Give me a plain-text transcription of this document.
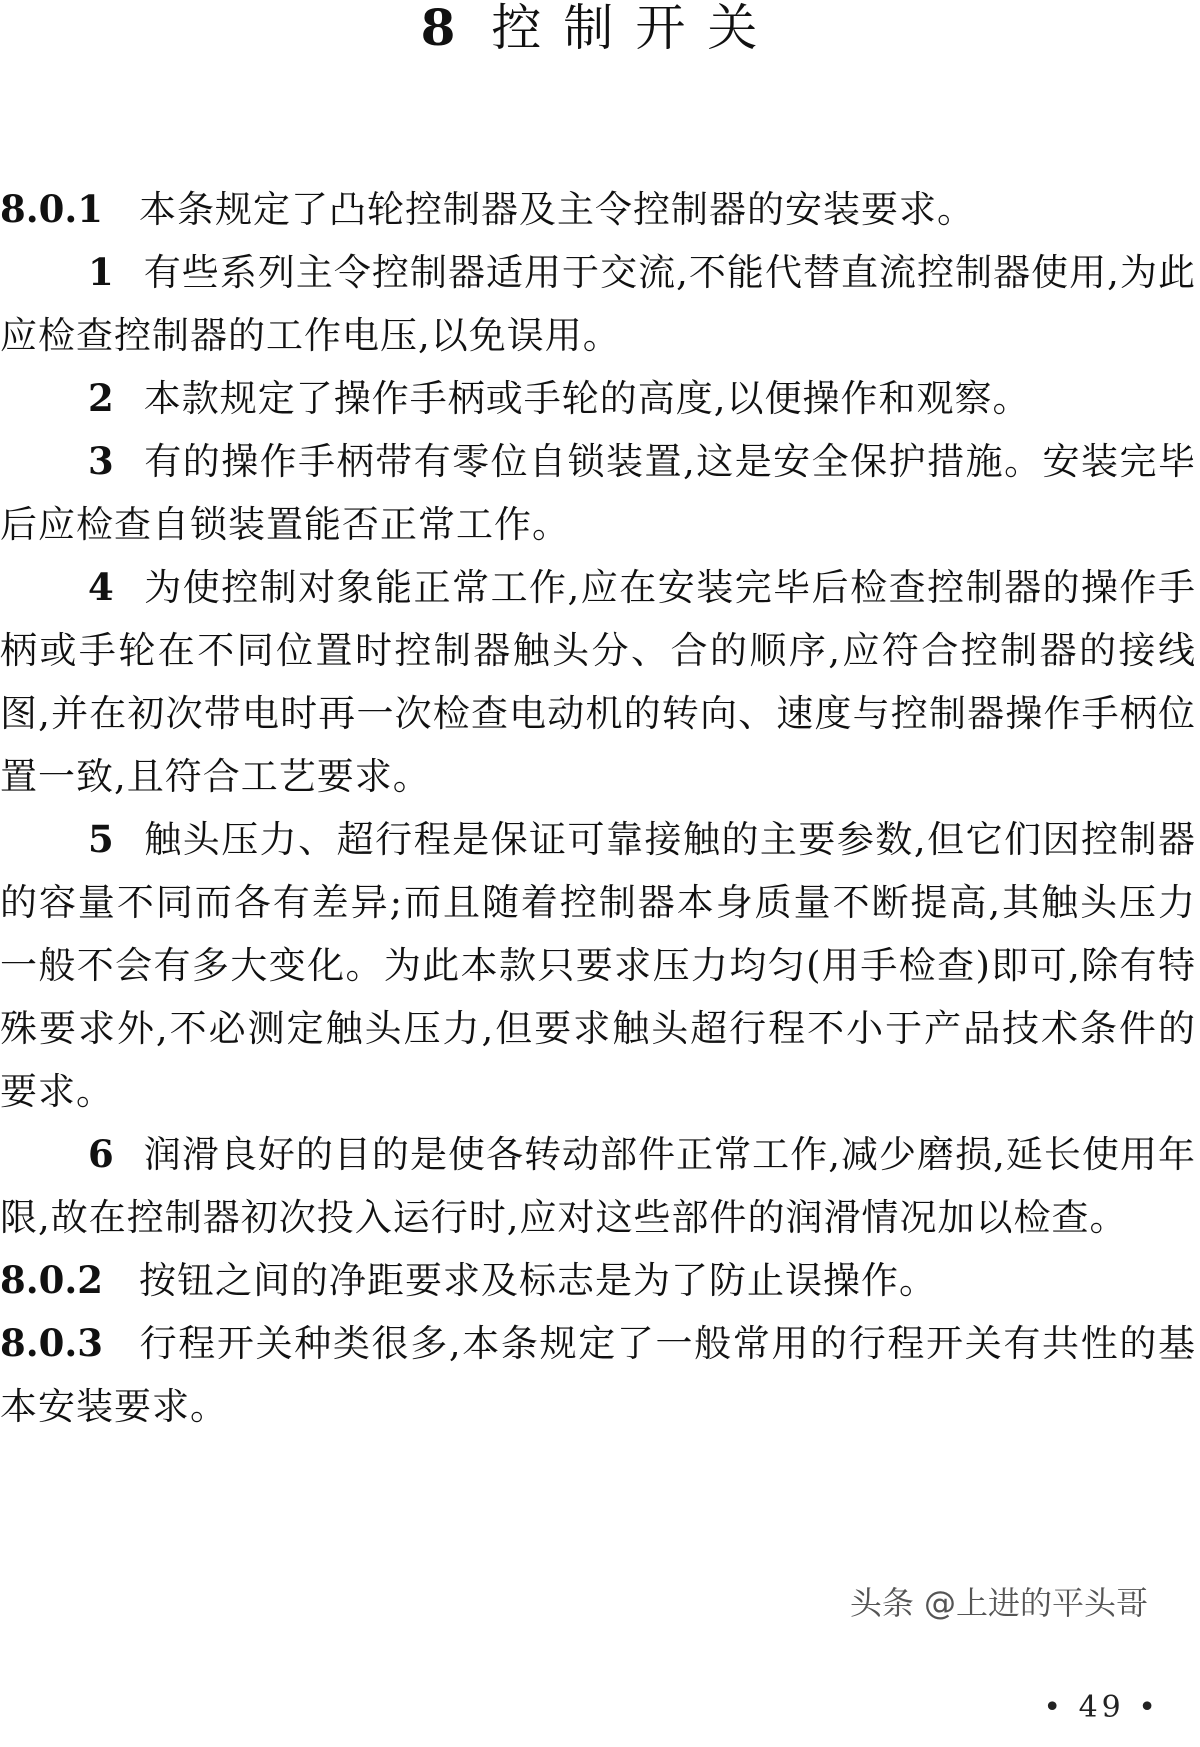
8 控制开关

8.0.1 本条规定了凸轮控制器及主令控制器的安装要求。

1 有些系列主令控制器适用于交流,不能代替直流控制器使用,为此应检查控制器的工作电压,以免误用。

2 本款规定了操作手柄或手轮的高度,以便操作和观察。

3 有的操作手柄带有零位自锁装置,这是安全保护措施。安装完毕后应检查自锁装置能否正常工作。

4 为使控制对象能正常工作,应在安装完毕后检查控制器的操作手柄或手轮在不同位置时控制器触头分、合的顺序,应符合控制器的接线图,并在初次带电时再一次检查电动机的转向、速度与控制器操作手柄位置一致,且符合工艺要求。

5 触头压力、超行程是保证可靠接触的主要参数,但它们因控制器的容量不同而各有差异;而且随着控制器本身质量不断提高,其触头压力一般不会有多大变化。为此本款只要求压力均匀(用手检查)即可,除有特殊要求外,不必测定触头压力,但要求触头超行程不小于产品技术条件的要求。

6 润滑良好的目的是使各转动部件正常工作,减少磨损,延长使用年限,故在控制器初次投入运行时,应对这些部件的润滑情况加以检查。

8.0.2 按钮之间的净距要求及标志是为了防止误操作。

8.0.3 行程开关种类很多,本条规定了一般常用的行程开关有共性的基本安装要求。

头条 @上进的平头哥
• 49 •
